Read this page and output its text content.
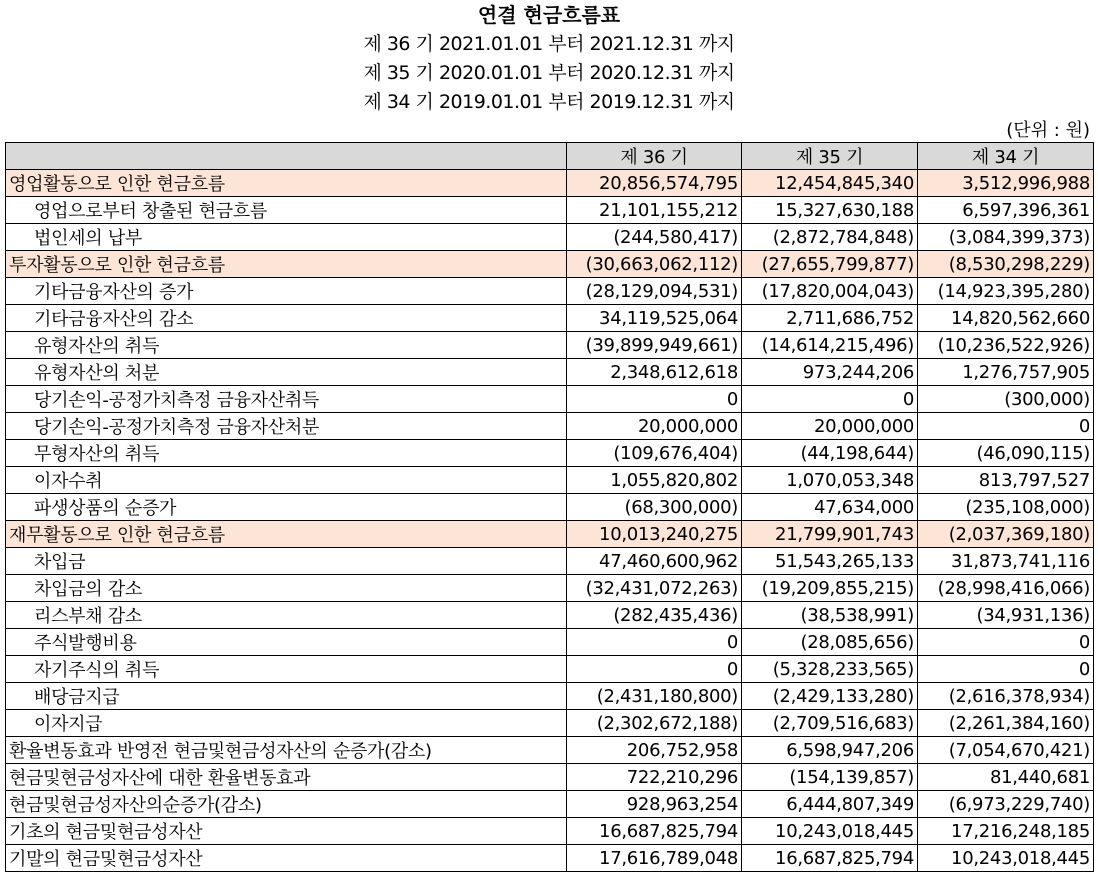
연결 현금흐름표
제 36 기 2021.01.01 부터 2021.12.31 까지
제 35 기 2020.01.01 부터 2020.12.31 까지
제 34 기 2019.01.01 부터 2019.12.31 까지
(단위 : 원)
	제 36 기	제 35 기	제 34 기
영업활동으로 인한 현금흐름	20,856,574,795	12,454,845,340	3,512,996,988
영업으로부터 창출된 현금흐름	21,101,155,212	15,327,630,188	6,597,396,361
법인세의 납부	(244,580,417)	(2,872,784,848)	(3,084,399,373)
투자활동으로 인한 현금흐름	(30,663,062,112)	(27,655,799,877)	(8,530,298,229)
기타금융자산의 증가	(28,129,094,531)	(17,820,004,043)	(14,923,395,280)
기타금융자산의 감소	34,119,525,064	2,711,686,752	14,820,562,660
유형자산의 취득	(39,899,949,661)	(14,614,215,496)	(10,236,522,926)
유형자산의 처분	2,348,612,618	973,244,206	1,276,757,905
당기손익-공정가치측정 금융자산취득	0	0	(300,000)
당기손익-공정가치측정 금융자산처분	20,000,000	20,000,000	0
무형자산의 취득	(109,676,404)	(44,198,644)	(46,090,115)
이자수취	1,055,820,802	1,070,053,348	813,797,527
파생상품의 순증가	(68,300,000)	47,634,000	(235,108,000)
재무활동으로 인한 현금흐름	10,013,240,275	21,799,901,743	(2,037,369,180)
차입금	47,460,600,962	51,543,265,133	31,873,741,116
차입금의 감소	(32,431,072,263)	(19,209,855,215)	(28,998,416,066)
리스부채 감소	(282,435,436)	(38,538,991)	(34,931,136)
주식발행비용	0	(28,085,656)	0
자기주식의 취득	0	(5,328,233,565)	0
배당금지급	(2,431,180,800)	(2,429,133,280)	(2,616,378,934)
이자지급	(2,302,672,188)	(2,709,516,683)	(2,261,384,160)
환율변동효과 반영전 현금및현금성자산의 순증가(감소)	206,752,958	6,598,947,206	(7,054,670,421)
현금및현금성자산에 대한 환율변동효과	722,210,296	(154,139,857)	81,440,681
현금및현금성자산의순증가(감소)	928,963,254	6,444,807,349	(6,973,229,740)
기초의 현금및현금성자산	16,687,825,794	10,243,018,445	17,216,248,185
기말의 현금및현금성자산	17,616,789,048	16,687,825,794	10,243,018,445
